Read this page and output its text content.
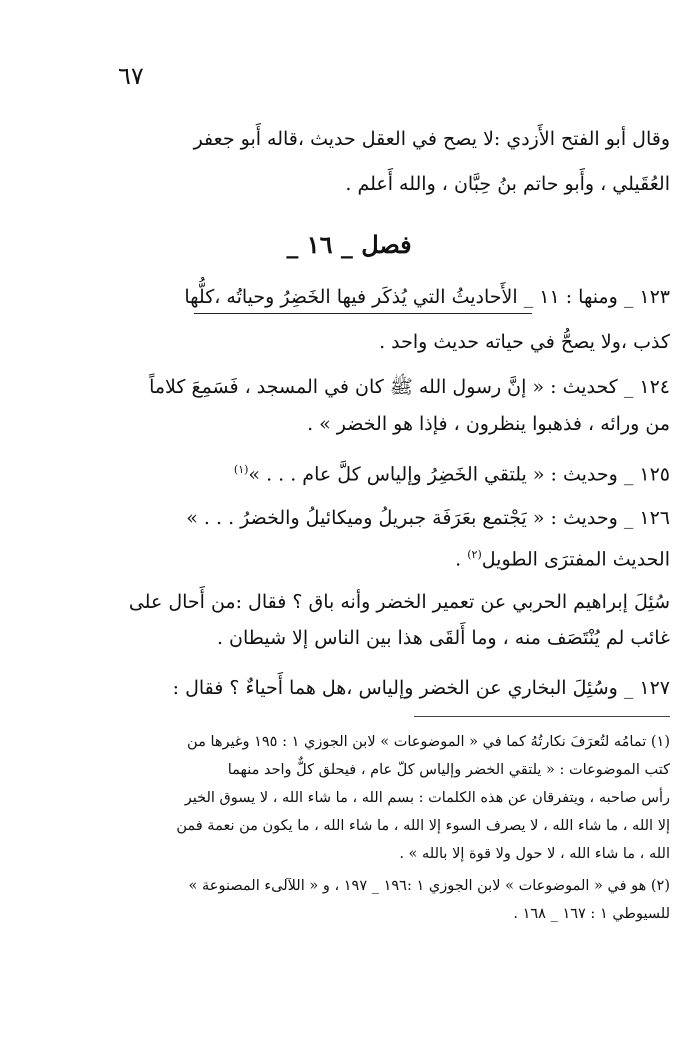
٦٧
وقال أبو الفتح الأَزدي :لا يصح في العقل حديث ،قاله أَبو جعفر
العُقَيلي ، وأَبو حاتم بنُ حِبَّان ، والله أَعلم .
فصل _ ١٦ _
١٢٣ _ ومنها : ١١ _ الأَحاديثُ التي يُذكَر فيها الخَضِرُ وحياتُه ،كلُّها
كذب ،ولا يصحُّ في حياته حديث واحد .
١٢٤ _ كحديث : « إنَّ رسول الله ﷺ كان في المسجد ، فَسَمِعَ كلاماً
من ورائه ، فذهبوا ينظرون ، فإذا هو الخضر » .
١٢٥ _ وحديث : « يلتقي الخَضِرُ وإلياس كلَّ عام . . . »$^{(١)}$
١٢٦ _ وحديث : « يَجْتمع بعَرَفَة جبريلُ وميكائيلُ والخضرُ . . . »
الحديث المفترَى الطويل$^{(٢)}$ .
سُئِلَ إبراهيم الحربي عن تعمير الخضر وأنه باق ؟ فقال :من أَحال على
غائب لم يُنْتَصَف منه ، وما أَلقَى هذا بين الناس إلا شيطان .
١٢٧ _ وسُئِلَ البخاري عن الخضر وإلياس ،هل هما أَحياءٌ ؟ فقال :
(١) تمامُه لتُعرَفَ نكارتُهُ كما في « الموضوعات » لابن الجوزي ١ : ١٩٥ وغيرها من
كتب الموضوعات : « يلتقي الخضر وإلياس كلّ عام ، فيحلق كلٌّ واحد منهما
رأس صاحبه ، ويتفرقان عن هذه الكلمات : بسم الله ، ما شاء الله ، لا يسوق الخير
إلا الله ، ما شاء الله ، لا يصرف السوء إلا الله ، ما شاء الله ، ما يكون من نعمة فمن
الله ، ما شاء الله ، لا حول ولا قوة إلا بالله » .
(٢) هو في « الموضوعات » لابن الجوزي ١ :١٩٦ _ ١٩٧ ، و « اللآلىء المصنوعة »
للسيوطي ١ : ١٦٧ _ ١٦٨ .
